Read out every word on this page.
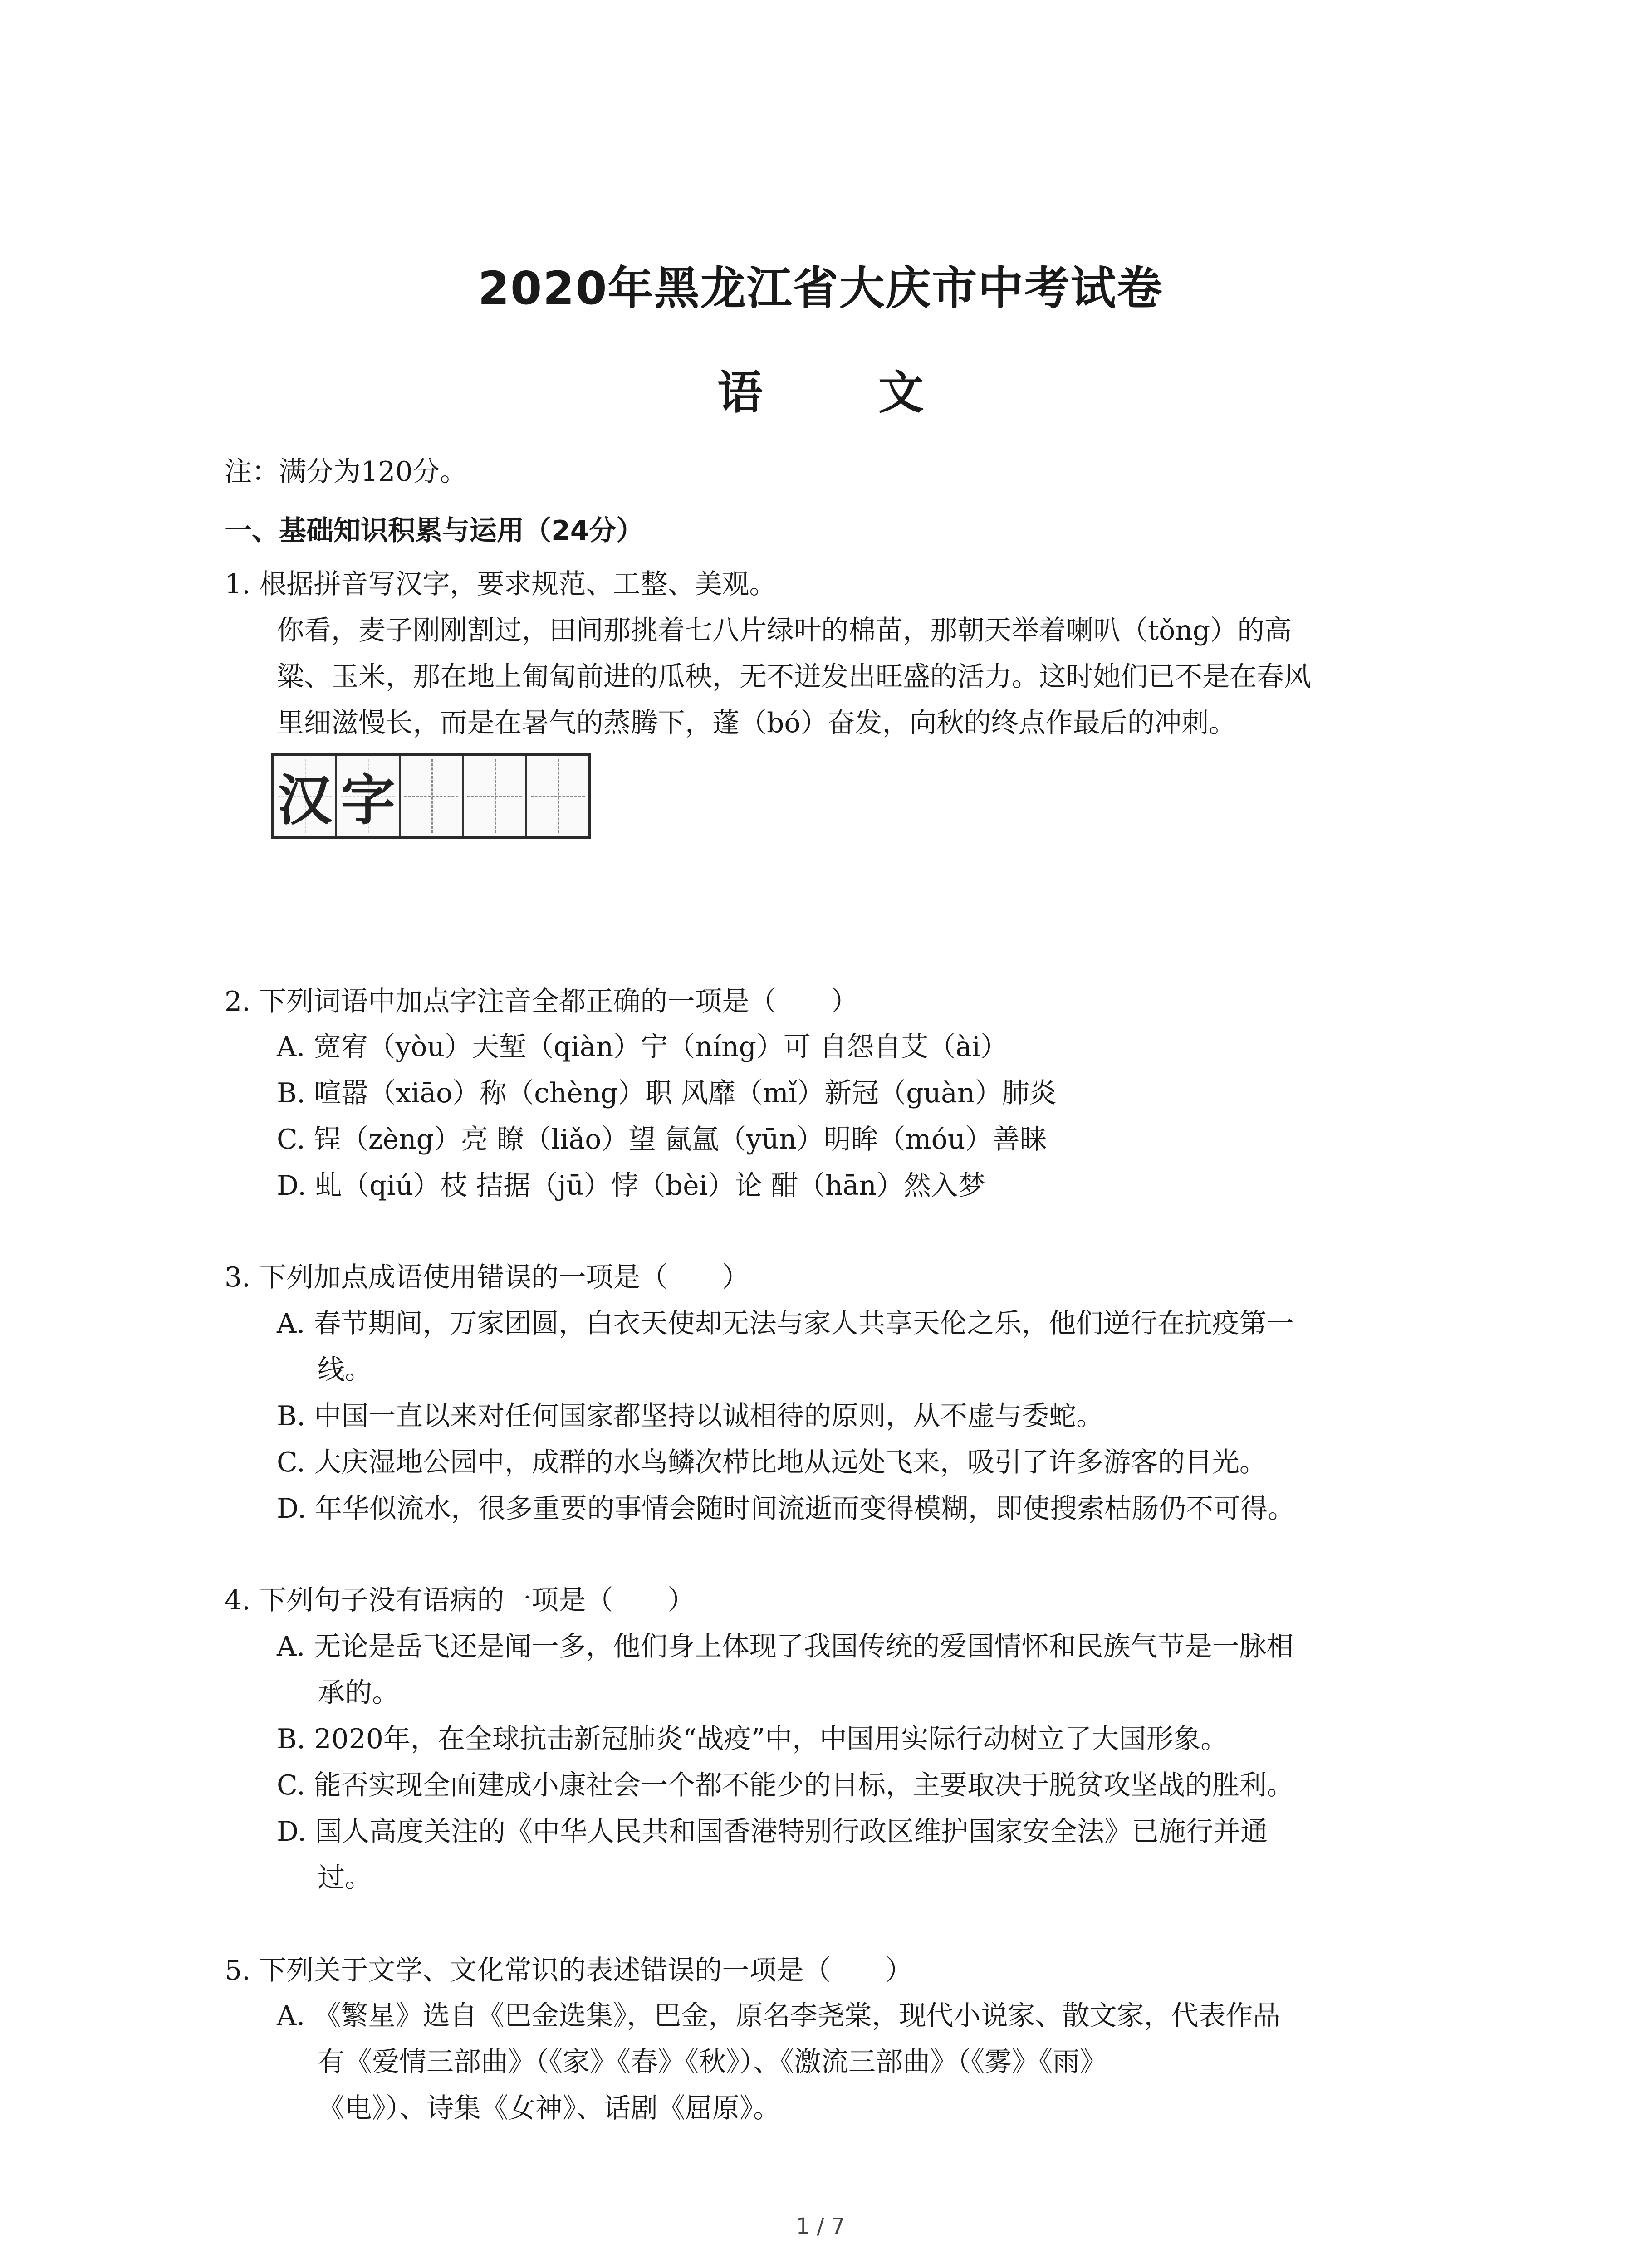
2020年黑龙江省大庆市中考试卷
语 文
注：满分为120分。
一、基础知识积累与运用（24分）
1. 根据拼音写汉字，要求规范、工整、美观。
你看，麦子刚刚割过，田间那挑着七八片绿叶的棉苗，那朝天举着喇叭（tǒng）的高
粱、玉米，那在地上匍匐前进的瓜秧，无不迸发出旺盛的活力。这时她们已不是在春风
里细滋慢长，而是在暑气的蒸腾下，蓬（bó）奋发，向秋的终点作最后的冲刺。
汉 字
2. 下列词语中加点字注音全都正确的一项是（　　）
A. 宽宥（yòu）天堑（qiàn）宁（níng）可 自怨自艾（ài）
B. 喧嚣（xiāo）称（chèng）职 风靡（mǐ）新冠（guàn）肺炎
C. 锃（zèng）亮 瞭（liǎo）望 氤氲（yūn）明眸（móu）善睐
D. 虬（qiú）枝 拮据（jū）悖（bèi）论 酣（hān）然入梦
3. 下列加点成语使用错误的一项是（　　）
A. 春节期间，万家团圆，白衣天使却无法与家人共享天伦之乐，他们逆行在抗疫第一
线。
B. 中国一直以来对任何国家都坚持以诚相待的原则，从不虚与委蛇。
C. 大庆湿地公园中，成群的水鸟鳞次栉比地从远处飞来，吸引了许多游客的目光。
D. 年华似流水，很多重要的事情会随时间流逝而变得模糊，即使搜索枯肠仍不可得。
4. 下列句子没有语病的一项是（　　）
A. 无论是岳飞还是闻一多，他们身上体现了我国传统的爱国情怀和民族气节是一脉相
承的。
B. 2020年，在全球抗击新冠肺炎“战疫”中，中国用实际行动树立了大国形象。
C. 能否实现全面建成小康社会一个都不能少的目标，主要取决于脱贫攻坚战的胜利。
D. 国人高度关注的《中华人民共和国香港特别行政区维护国家安全法》已施行并通
过。
5. 下列关于文学、文化常识的表述错误的一项是（　　）
A. 《繁星》选自《巴金选集》，巴金，原名李尧棠，现代小说家、散文家，代表作品
有《爱情三部曲》（《家》《春》《秋》）、《激流三部曲》（《雾》《雨》
《电》）、诗集《女神》、话剧《屈原》。
1 / 7
